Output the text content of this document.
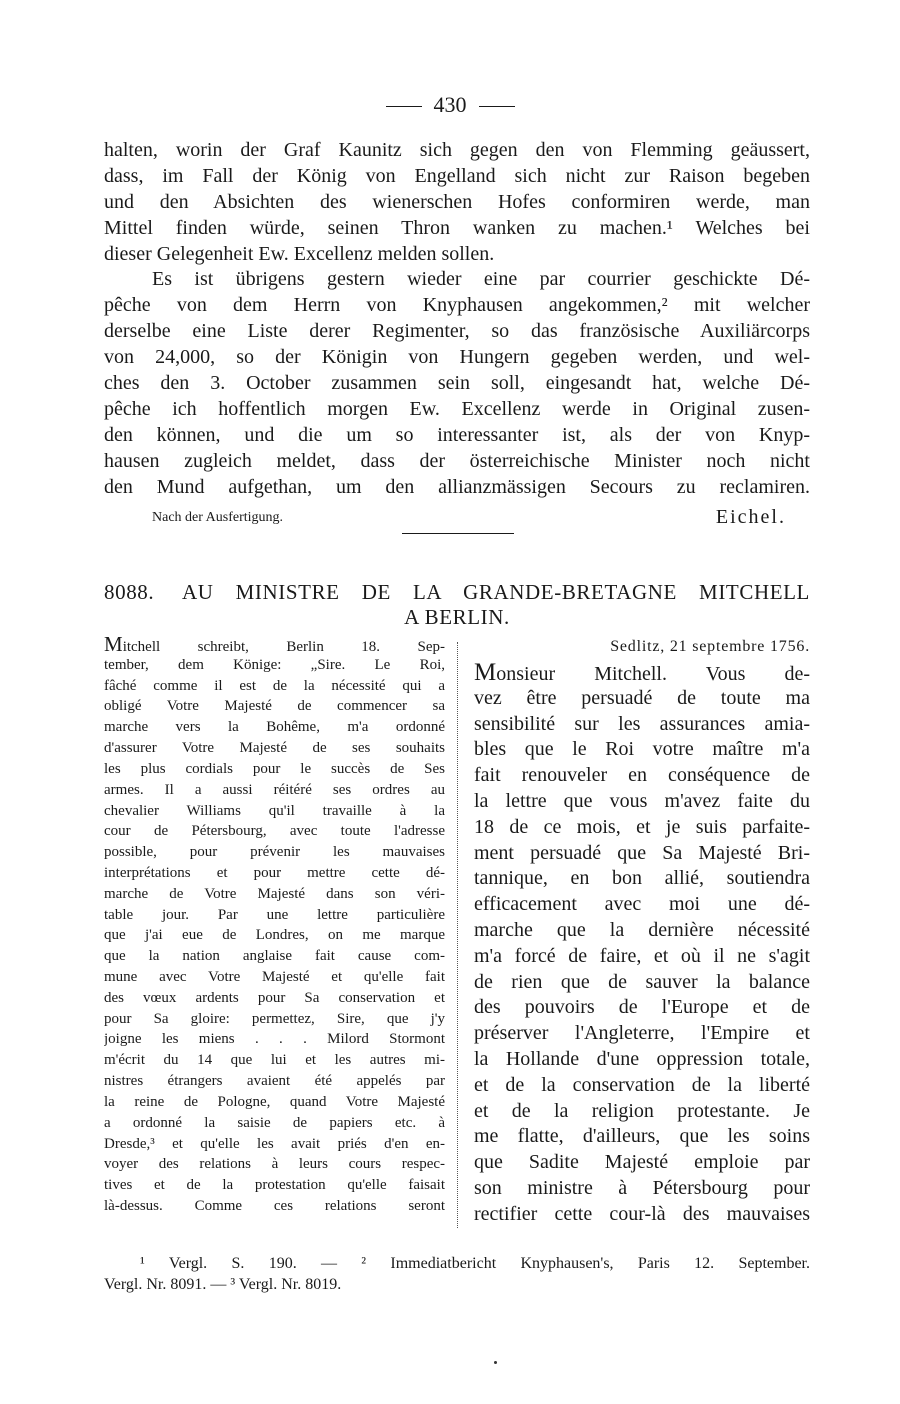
430
halten, worin der Graf Kaunitz sich gegen den von Flemming geäussert,
dass, im Fall der König von Engelland sich nicht zur Raison begeben
und den Absichten des wienerschen Hofes conformiren werde, man
Mittel finden würde, seinen Thron wanken zu machen.¹ Welches bei
dieser Gelegenheit Ew. Excellenz melden sollen.
Es ist übrigens gestern wieder eine par courrier geschickte Dé-
pêche von dem Herrn von Knyphausen angekommen,² mit welcher
derselbe eine Liste derer Regimenter, so das französische Auxiliärcorps
von 24,000, so der Königin von Hungern gegeben werden, und wel-
ches den 3. October zusammen sein soll, eingesandt hat, welche Dé-
pêche ich hoffentlich morgen Ew. Excellenz werde in Original zusen-
den können, und die um so interessanter ist, als der von Knyp-
hausen zugleich meldet, dass der österreichische Minister noch nicht
den Mund aufgethan, um den allianzmässigen Secours zu reclamiren.
Nach der Ausfertigung.	Eichel.
8088. AU MINISTRE DE LA GRANDE-BRETAGNE MITCHELL
A BERLIN.
Mitchell schreibt, Berlin 18. Sep-
tember, dem Könige: „Sire. Le Roi,
fâché comme il est de la nécessité qui a
obligé Votre Majesté de commencer sa
marche vers la Bohême, m'a ordonné
d'assurer Votre Majesté de ses souhaits
les plus cordials pour le succès de Ses
armes. Il a aussi réitéré ses ordres au
chevalier Williams qu'il travaille à la
cour de Pétersbourg, avec toute l'adresse
possible, pour prévenir les mauvaises
interprétations et pour mettre cette dé-
marche de Votre Majesté dans son véri-
table jour. Par une lettre particulière
que j'ai eue de Londres, on me marque
que la nation anglaise fait cause com-
mune avec Votre Majesté et qu'elle fait
des vœux ardents pour Sa conservation et
pour Sa gloire: permettez, Sire, que j'y
joigne les miens . . . Milord Stormont
m'écrit du 14 que lui et les autres mi-
nistres étrangers avaient été appelés par
la reine de Pologne, quand Votre Majesté
a ordonné la saisie de papiers etc. à
Dresde,³ et qu'elle les avait priés d'en en-
voyer des relations à leurs cours respec-
tives et de la protestation qu'elle faisait
là-dessus. Comme ces relations seront
Sedlitz, 21 septembre 1756.
Monsieur Mitchell. Vous de-
vez être persuadé de toute ma
sensibilité sur les assurances amia-
bles que le Roi votre maître m'a
fait renouveler en conséquence de
la lettre que vous m'avez faite du
18 de ce mois, et je suis parfaite-
ment persuadé que Sa Majesté Bri-
tannique, en bon allié, soutiendra
efficacement avec moi une dé-
marche que la dernière nécessité
m'a forcé de faire, et où il ne s'agit
de rien que de sauver la balance
des pouvoirs de l'Europe et de
préserver l'Angleterre, l'Empire et
la Hollande d'une oppression totale,
et de la conservation de la liberté
et de la religion protestante. Je
me flatte, d'ailleurs, que les soins
que Sadite Majesté emploie par
son ministre à Pétersbourg pour
rectifier cette cour-là des mauvaises
¹ Vergl. S. 190. — ² Immediatbericht Knyphausen's, Paris 12. September.
Vergl. Nr. 8091. — ³ Vergl. Nr. 8019.
